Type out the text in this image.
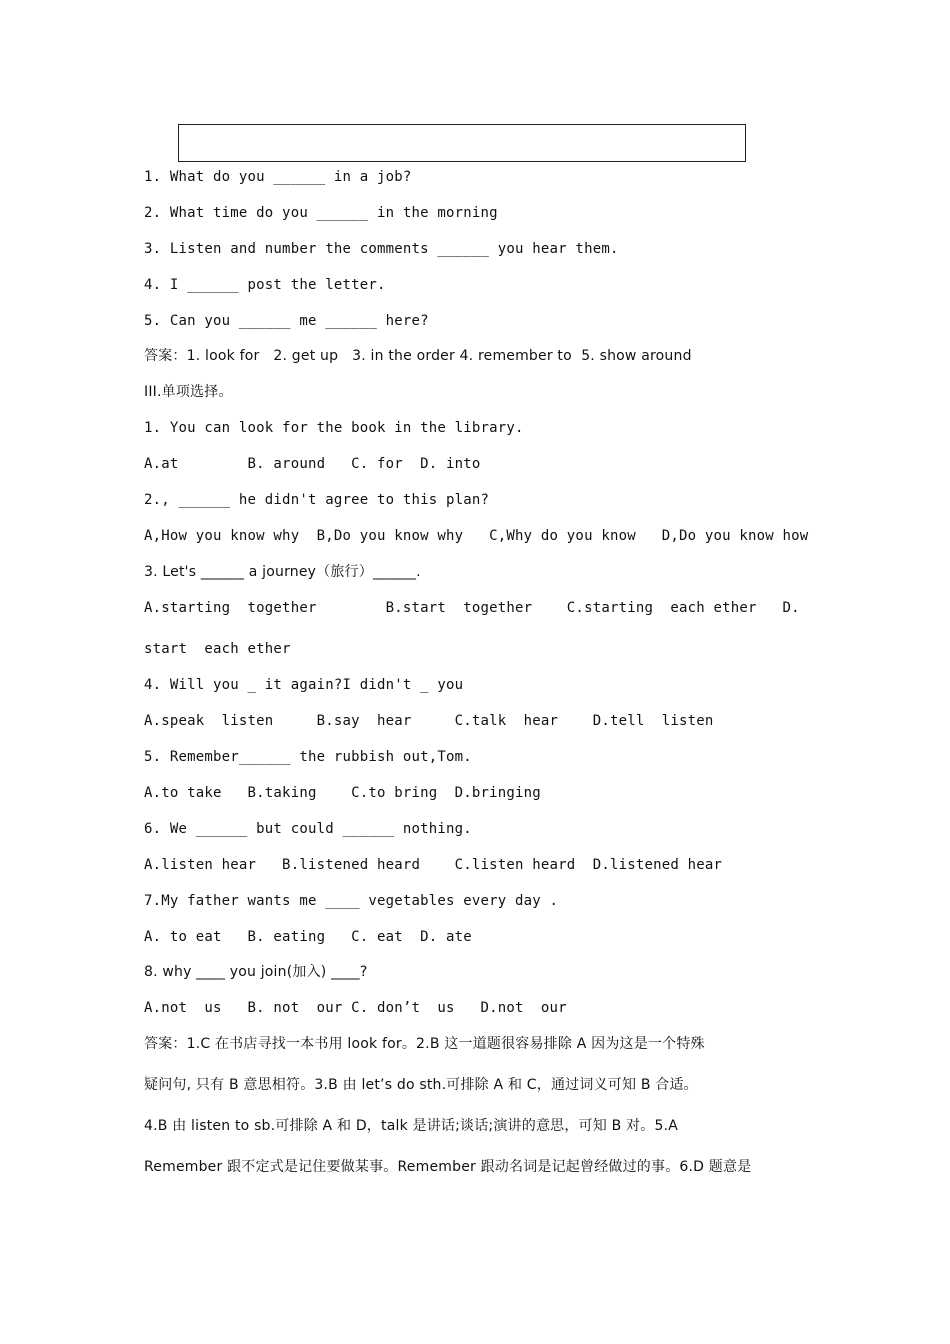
1. What do you ______ in a job?
2. What time do you ______ in the morning
3. Listen and number the comments ______ you hear them.
4. I ______ post the letter.
5. Can you ______ me ______ here?
答案：1. look for   2. get up   3. in the order 4. remember to  5. show around
III.单项选择。
1. You can look for the book in the library.
A.at        B. around   C. for  D. into
2., ______ he didn't agree to this plan?
A,How you know why  B,Do you know why   C,Why do you know   D,Do you know how
3. Let's ______ a journey（旅行）______.
A.starting  together        B.start  together    C.starting  each ether   D.
start  each ether
4. Will you _ it again?I didn't _ you
A.speak  listen     B.say  hear     C.talk  hear    D.tell  listen
5. Remember______ the rubbish out,Tom.
A.to take   B.taking    C.to bring  D.bringing
6. We ______ but could ______ nothing.
A.listen hear   B.listened heard    C.listen heard  D.listened hear
7.My father wants me ____ vegetables every day .
A. to eat   B. eating   C. eat  D. ate
8. why ____ you join(加入) ____?
A.not  us   B. not  our C. don’t  us   D.not  our
答案：1.C 在书店寻找一本书用 look for。2.B 这一道题很容易排除 A 因为这是一个特殊
疑问句, 只有 B 意思相符。3.B 由 let’s do sth.可排除 A 和 C，通过词义可知 B 合适。
4.B 由 listen to sb.可排除 A 和 D，talk 是讲话;谈话;演讲的意思，可知 B 对。5.A
Remember 跟不定式是记住要做某事。Remember 跟动名词是记起曾经做过的事。6.D 题意是
